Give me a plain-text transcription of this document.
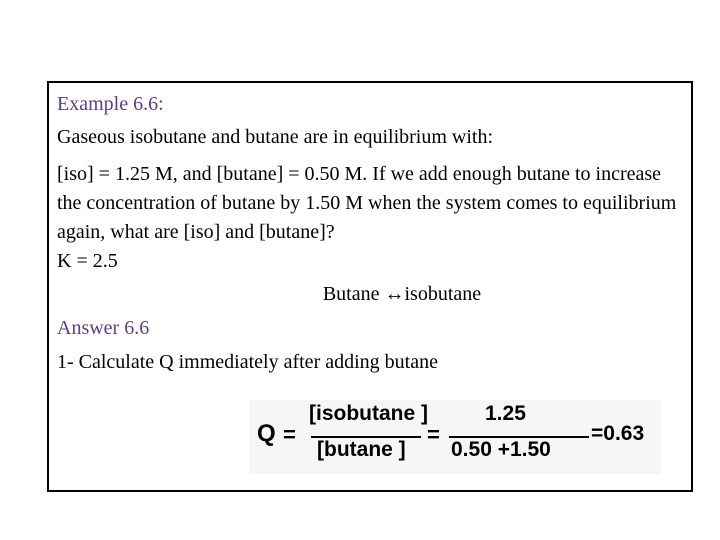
Example 6.6:
Gaseous isobutane and butane are in equilibrium with:
[iso] = 1.25 M, and [butane] = 0.50 M. If we add enough butane to increase the concentration of butane by 1.50 M when the system comes to equilibrium again, what are [iso] and [butane]?
K = 2.5
Butane ↔isobutane
Answer 6.6
1- Calculate Q immediately after adding butane
Q =
[isobutane ]
[butane ]
=
1.25
0.50 +1.50
=0.63
